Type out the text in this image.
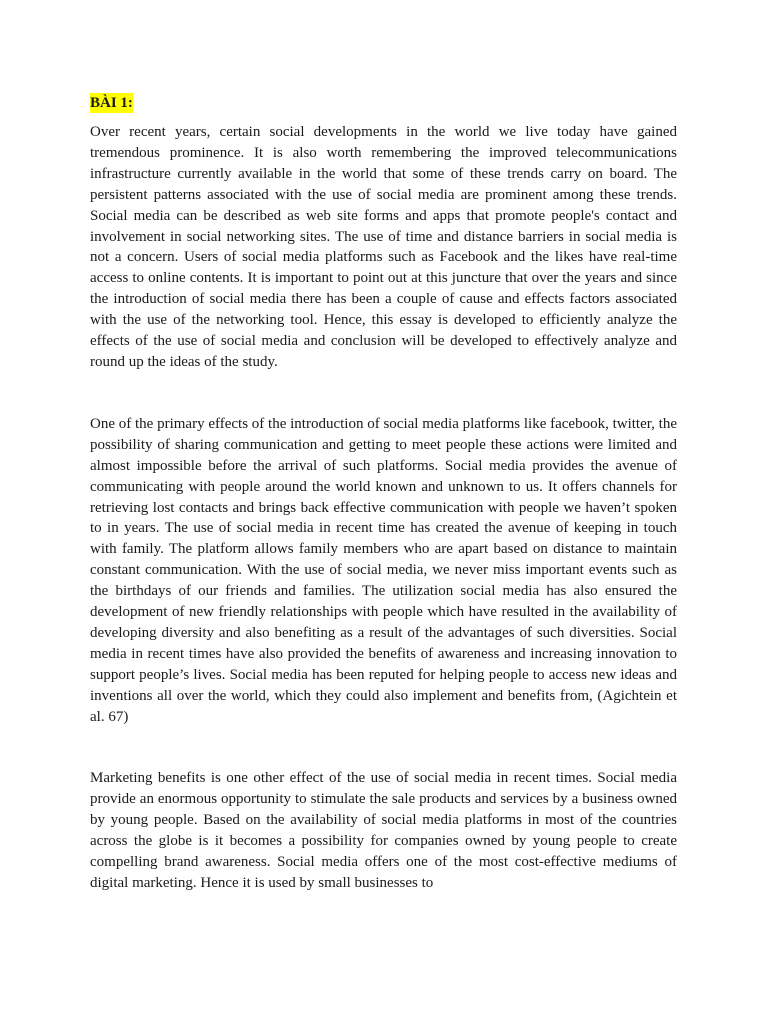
BÀI 1:

Over recent years, certain social developments in the world we live today have gained tremendous prominence. It is also worth remembering the improved telecommunications infrastructure currently available in the world that some of these trends carry on board. The persistent patterns associated with the use of social media are prominent among these trends. Social media can be described as web site forms and apps that promote people's contact and involvement in social networking sites. The use of time and distance barriers in social media is not a concern. Users of social media platforms such as Facebook and the likes have real-time access to online contents. It is important to point out at this juncture that over the years and since the introduction of social media there has been a couple of cause and effects factors associated with the use of the networking tool. Hence, this essay is developed to efficiently analyze the effects of the use of social media and conclusion will be developed to effectively analyze and round up the ideas of the study.

One of the primary effects of the introduction of social media platforms like facebook, twitter, the possibility of sharing communication and getting to meet people these actions were limited and almost impossible before the arrival of such platforms. Social media provides the avenue of communicating with people around the world known and unknown to us. It offers channels for retrieving lost contacts and brings back effective communication with people we haven’t spoken to in years. The use of social media in recent time has created the avenue of keeping in touch with family. The platform allows family members who are apart based on distance to maintain constant communication. With the use of social media, we never miss important events such as the birthdays of our friends and families. The utilization social media has also ensured the development of new friendly relationships with people which have resulted in the availability of developing diversity and also benefiting as a result of the advantages of such diversities. Social media in recent times have also provided the benefits of awareness and increasing innovation to support people’s lives. Social media has been reputed for helping people to access new ideas and inventions all over the world, which they could also implement and benefits from, (Agichtein et al. 67)

Marketing benefits is one other effect of the use of social media in recent times. Social media provide an enormous opportunity to stimulate the sale products and services by a business owned by young people. Based on the availability of social media platforms in most of the countries across the globe is it becomes a possibility for companies owned by young people to create compelling brand awareness. Social media offers one of the most cost-effective mediums of digital marketing. Hence it is used by small businesses to
